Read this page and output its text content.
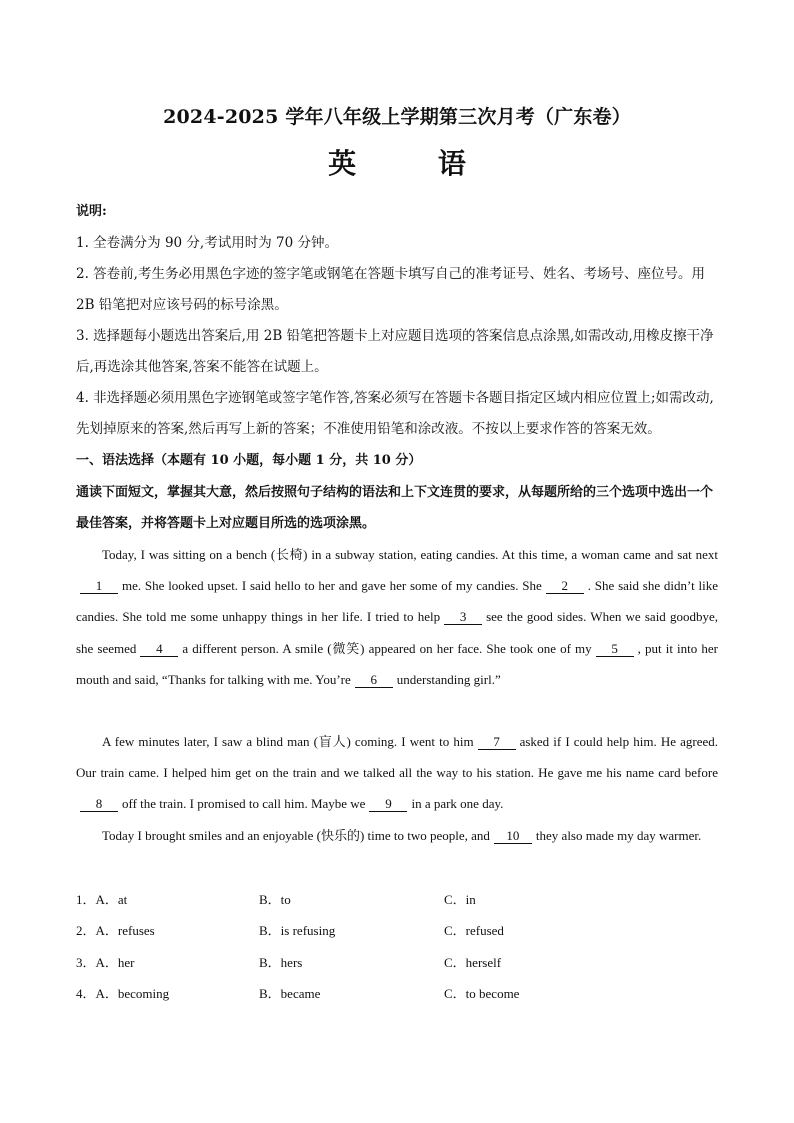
2024-2025 学年八年级上学期第三次月考（广东卷）
英 语
说明:
1. 全卷满分为 90 分,考试用时为 70 分钟。
2. 答卷前,考生务必用黑色字迹的签字笔或钢笔在答题卡填写自己的准考证号、姓名、考场号、座位号。用 2B 铅笔把对应该号码的标号涂黑。
3. 选择题每小题选出答案后,用 2B 铅笔把答题卡上对应题目选项的答案信息点涂黑,如需改动,用橡皮擦干净后,再选涂其他答案,答案不能答在试题上。
4. 非选择题必须用黑色字迹钢笔或签字笔作答,答案必须写在答题卡各题目指定区域内相应位置上;如需改动,先划掉原来的答案,然后再写上新的答案；不准使用铅笔和涂改液。不按以上要求作答的答案无效。
一、语法选择（本题有 10 小题，每小题 1 分，共 10 分）
通读下面短文，掌握其大意，然后按照句子结构的语法和上下文连贯的要求，从每题所给的三个选项中选出一个最佳答案，并将答题卡上对应题目所选的选项涂黑。
Today, I was sitting on a bench (长椅) in a subway station, eating candies. At this time, a woman came and sat next1 me. She looked upset. I said hello to her and gave her some of my candies. She 2 . She said she didn’t like candies. She told me some unhappy things in her life. I tried to help 3 see the good sides. When we said goodbye, she seemed 4 a different person. A smile (微笑) appeared on her face. She took one of my 5 , put it into her mouth and said, “Thanks for talking with me. You’re 6 understanding girl.”
A few minutes later, I saw a blind man (盲人) coming. I went to him 7 asked if I could help him. He agreed. Our train came. I helped him get on the train and we talked all the way to his station. He gave me his name card before8 off the train. I promised to call him. Maybe we 9 in a park one day.
Today I brought smiles and an enjoyable (快乐的) time to two people, and 10 they also made my day warmer.
1．A．at	B．to	C．in
2．A．refuses	B．is refusing	C．refused
3．A．her	B．hers	C．herself
4．A．becoming	B．became	C．to become
